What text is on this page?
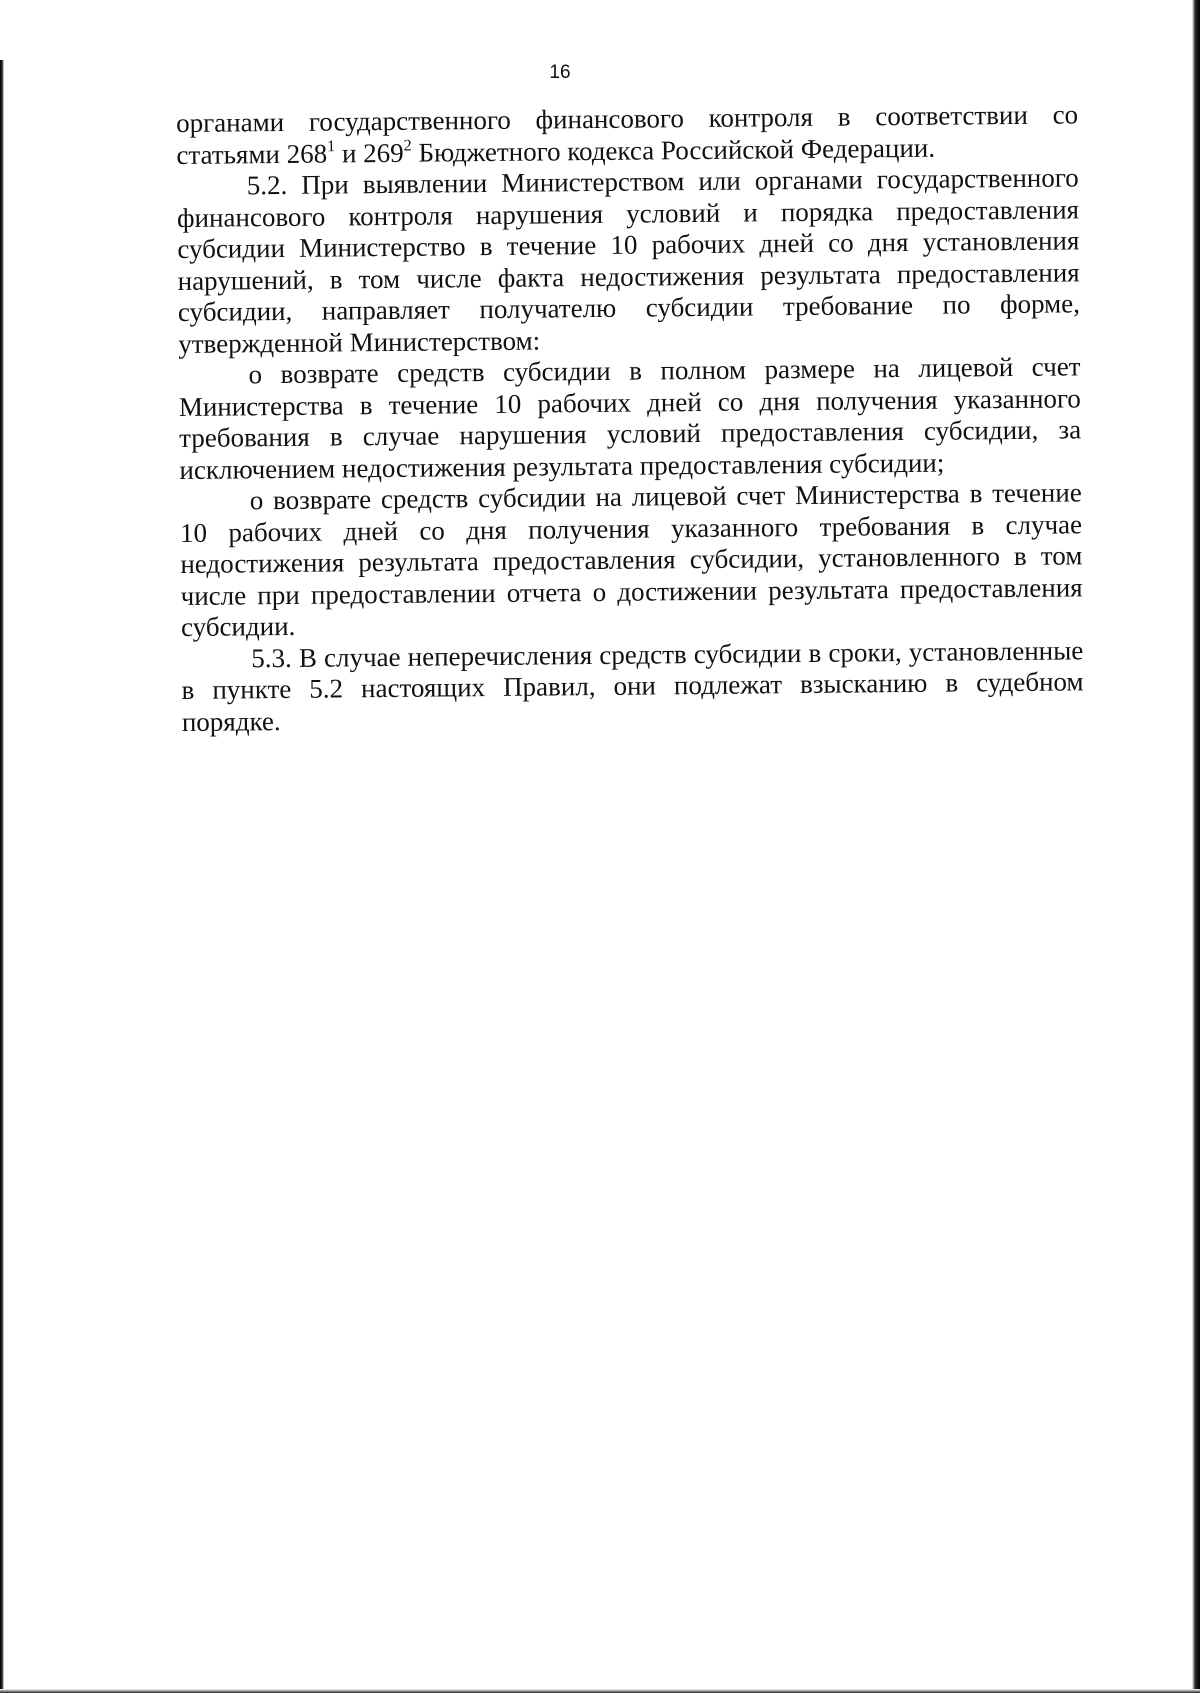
16

органами государственного финансового контроля в соответствии со статьями $268^1$ и $269^2$ Бюджетного кодекса Российской Федерации.

5.2. При выявлении Министерством или органами государственного финансового контроля нарушения условий и порядка предоставления субсидии Министерство в течение 10 рабочих дней со дня установления нарушений, в том числе факта недостижения результата предоставления субсидии, направляет получателю субсидии требование по форме, утвержденной Министерством:

о возврате средств субсидии в полном размере на лицевой счет Министерства в течение 10 рабочих дней со дня получения указанного требования в случае нарушения условий предоставления субсидии, за исключением недостижения результата предоставления субсидии;

о возврате средств субсидии на лицевой счет Министерства в течение 10 рабочих дней со дня получения указанного требования в случае недостижения результата предоставления субсидии, установленного в том числе при предоставлении отчета о достижении результата предоставления субсидии.

5.3. В случае неперечисления средств субсидии в сроки, установленные в пункте 5.2 настоящих Правил, они подлежат взысканию в судебном порядке.
